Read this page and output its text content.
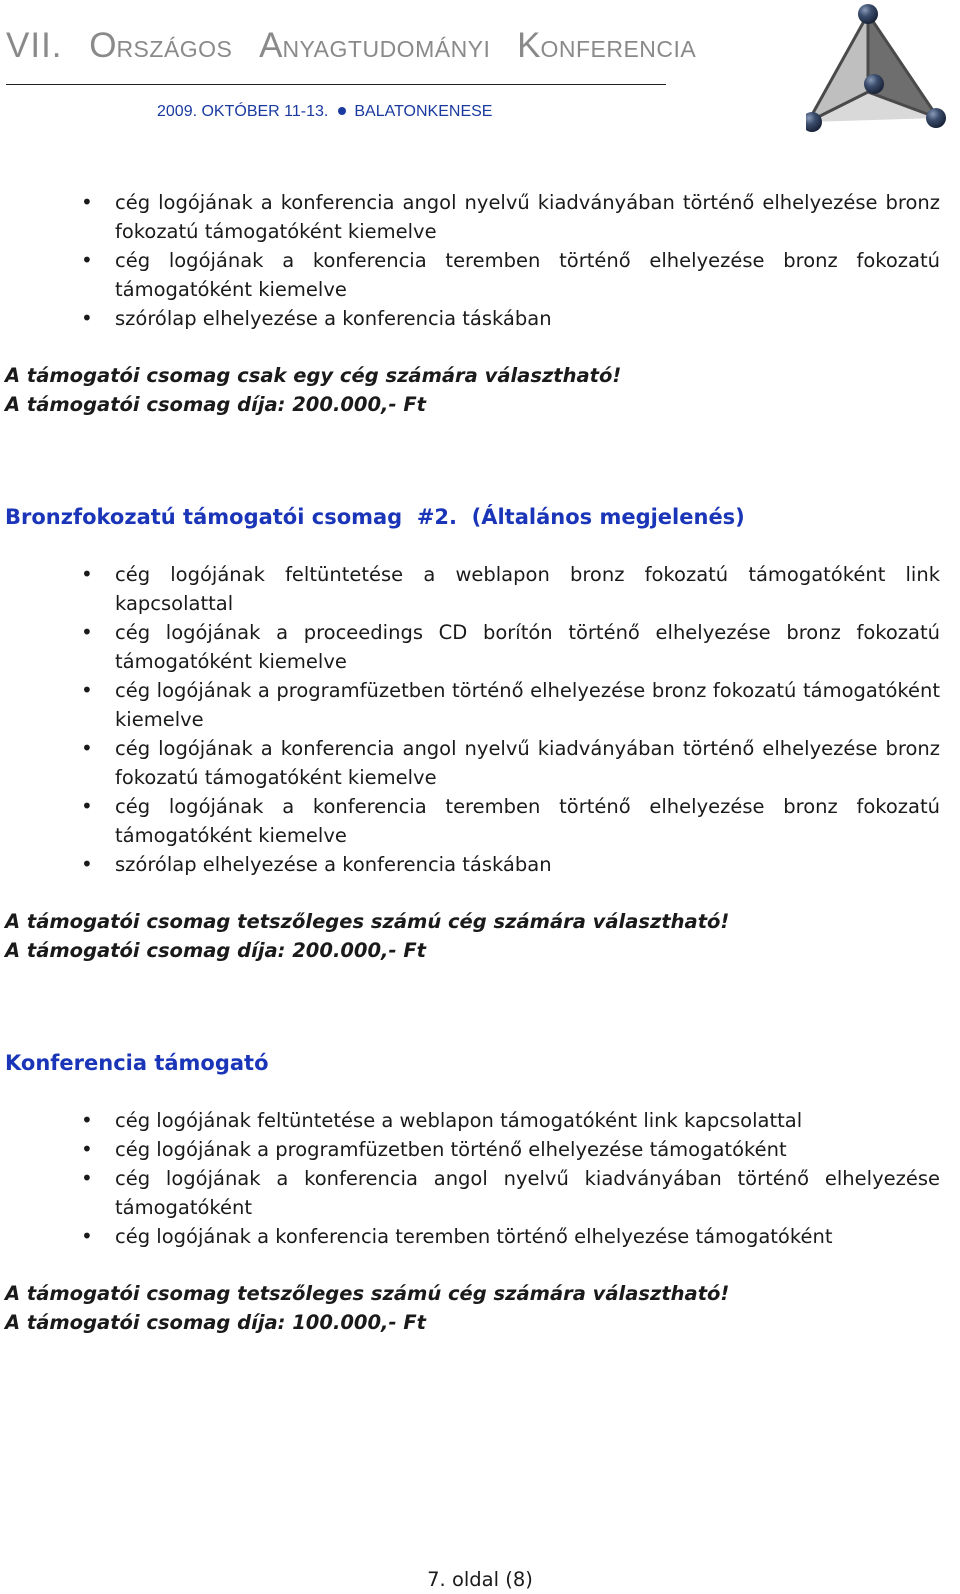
VII. ORSZÁGOS ANYAGTUDOMÁNYI KONFERENCIA
2009. OKTÓBER 11-13. BALATONKENESE
• cég logójának a konferencia angol nyelvű kiadványában történő elhelyezése bronz fokozatú támogatóként kiemelve
• cég logójának a konferencia teremben történő elhelyezése bronz fokozatú támogatóként kiemelve
• szórólap elhelyezése a konferencia táskában

A támogatói csomag csak egy cég számára választható!

A támogatói csomag díja: 200.000,- Ft

Bronzfokozatú támogatói csomag  #2.  (Általános megjelenés)
• cég logójának feltüntetése a weblapon bronz fokozatú támogatóként link kapcsolattal
• cég logójának a proceedings CD borítón történő elhelyezése bronz fokozatú támogatóként kiemelve
• cég logójának a programfüzetben történő elhelyezése bronz fokozatú támogatóként kiemelve
• cég logójának a konferencia angol nyelvű kiadványában történő elhelyezése bronz fokozatú támogatóként kiemelve
• cég logójának a konferencia teremben történő elhelyezése bronz fokozatú támogatóként kiemelve
• szórólap elhelyezése a konferencia táskában

A támogatói csomag tetszőleges számú cég számára választható!

A támogatói csomag díja: 200.000,- Ft

Konferencia támogató
• cég logójának feltüntetése a weblapon támogatóként link kapcsolattal
• cég logójának a programfüzetben történő elhelyezése támogatóként
• cég logójának a konferencia angol nyelvű kiadványában történő elhelyezése támogatóként
• cég logójának a konferencia teremben történő elhelyezése támogatóként

A támogatói csomag tetszőleges számú cég számára választható!

A támogatói csomag díja: 100.000,- Ft

7. oldal (8)
